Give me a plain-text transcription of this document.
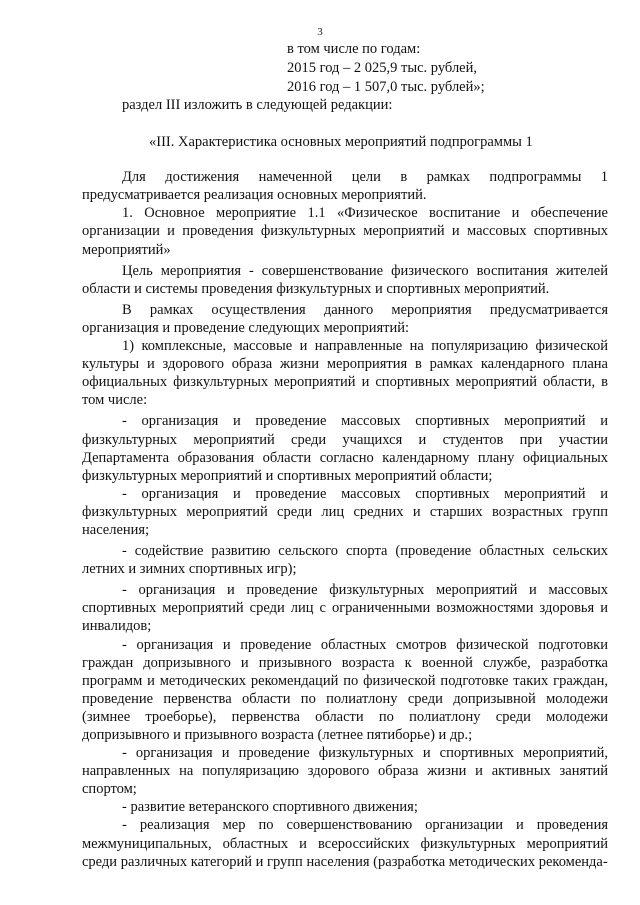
3
в том числе по годам:
2015 год – 2 025,9 тыс. рублей,
2016 год – 1 507,0 тыс. рублей»;

раздел III изложить в следующей редакции:

«III. Характеристика основных мероприятий подпрограммы 1

Для достижения намеченной цели в рамках подпрограммы 1 предусматривается реализация основных мероприятий.

1. Основное мероприятие 1.1 «Физическое воспитание и обеспечение организации и проведения физкультурных мероприятий и массовых спортивных мероприятий»

Цель мероприятия - совершенствование физического воспитания жителей области и системы проведения физкультурных и спортивных мероприятий.

В рамках осуществления данного мероприятия предусматривается организация и проведение следующих мероприятий:

1) комплексные, массовые и направленные на популяризацию физической культуры и здорового образа жизни мероприятия в рамках календарного плана официальных физкультурных мероприятий и спортивных мероприятий области, в том числе:

- организация и проведение массовых спортивных мероприятий и физкультурных мероприятий среди учащихся и студентов при участии Департамента образования области согласно календарному плану официальных физкультурных мероприятий и спортивных мероприятий области;

- организация и проведение массовых спортивных мероприятий и физкультурных мероприятий среди лиц средних и старших возрастных групп населения;

- содействие развитию сельского спорта (проведение областных сельских летних и зимних спортивных игр);

- организация и проведение физкультурных мероприятий и массовых спортивных мероприятий среди лиц с ограниченными возможностями здоровья и инвалидов;

- организация и проведение областных смотров физической подготовки граждан допризывного и призывного возраста к военной службе, разработка программ и методических рекомендаций по физической подготовке таких граждан, проведение первенства области по полиатлону среди допризывной молодежи (зимнее троеборье), первенства области по полиатлону среди молодежи допризывного и призывного возраста (летнее пятиборье) и др.;

- организация и проведение физкультурных и спортивных мероприятий, направленных на популяризацию здорового образа жизни и активных занятий спортом;

- развитие ветеранского спортивного движения;

- реализация мер по совершенствованию организации и проведения межмуниципальных, областных и всероссийских физкультурных мероприятий среди различных категорий и групп населения (разработка методических рекоменда-
